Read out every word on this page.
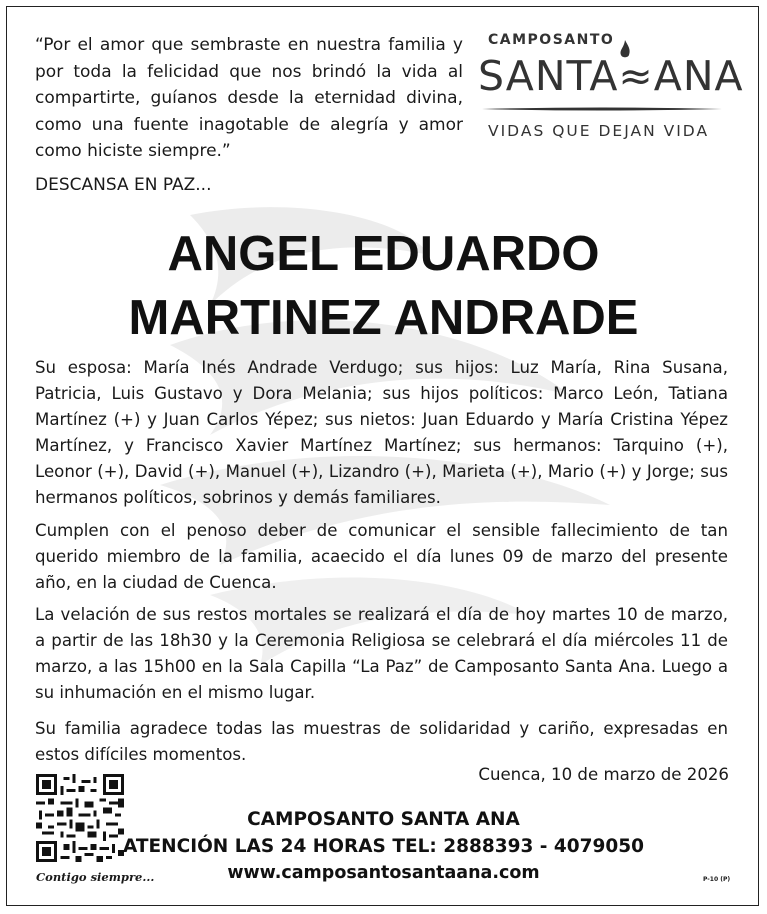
“Por el amor que sembraste en nuestra familia y por toda la felicidad que nos brindó la vida al compartirte, guíanos desde la eternidad divina, como una fuente inagotable de alegría y amor como hiciste siempre.”

CAMPOSANTO
SANTA≈ANA
VIDAS QUE DEJAN VIDA

DESCANSA EN PAZ...

ANGEL EDUARDO
MARTINEZ ANDRADE

Su esposa: María Inés Andrade Verdugo; sus hijos: Luz María, Rina Susana, Patricia, Luis Gustavo y Dora Melania; sus hijos políticos: Marco León, Tatiana Martínez (+) y Juan Carlos Yépez; sus nietos: Juan Eduardo y María Cristina Yépez Martínez, y Francisco Xavier Martínez Martínez; sus hermanos: Tarquino (+), Leonor (+), David (+), Manuel (+), Lizandro (+), Marieta (+), Mario (+) y Jorge; sus hermanos políticos, sobrinos y demás familiares.

Cumplen con el penoso deber de comunicar el sensible fallecimiento de tan querido miembro de la familia, acaecido el día lunes 09 de marzo del presente año, en la ciudad de Cuenca.

La velación de sus restos mortales se realizará el día de hoy martes 10 de marzo, a partir de las 18h30 y la Ceremonia Religiosa se celebrará el día miércoles 11 de marzo, a las 15h00 en la Sala Capilla “La Paz” de Camposanto Santa Ana. Luego a su inhumación en el mismo lugar.

Su familia agradece todas las muestras de solidaridad y cariño, expresadas en estos difíciles momentos.

Cuenca, 10 de marzo de 2026

Contigo siempre...

CAMPOSANTO SANTA ANA
ATENCIÓN LAS 24 HORAS TEL: 2888393 - 4079050
www.camposantosantaana.com	P-10 (P)
